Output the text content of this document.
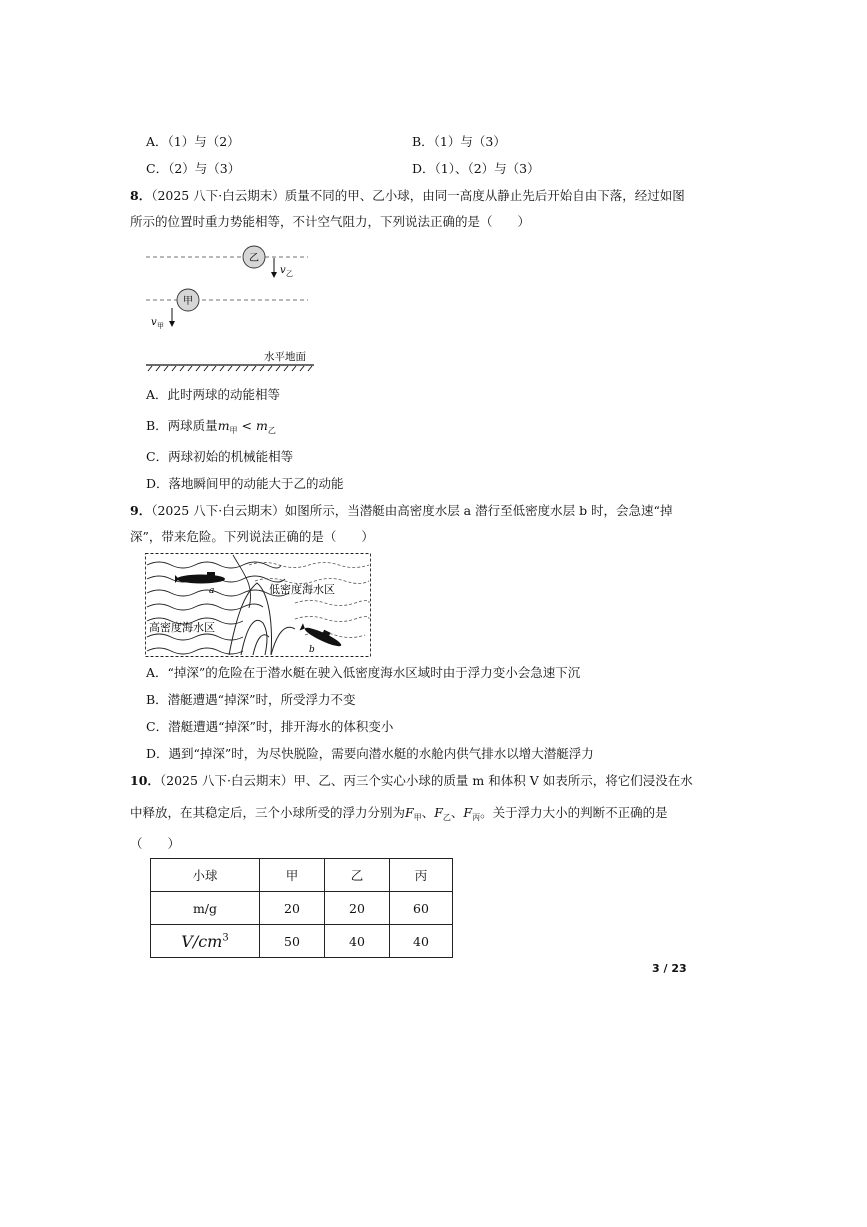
A．（1）与（2）	B．（1）与（3）
C．（2）与（3）	D．（1）、（2）与（3）
8．（2025 八下·白云期末）质量不同的甲、乙小球，由同一高度从静止先后开始自由下落，经过如图
所示的位置时重力势能相等，不计空气阻力，下列说法正确的是（　　）
乙
甲
v 乙
v 甲
水平地面
A．此时两球的动能相等
B．两球质量$m_甲 < m_乙$
C．两球初始的机械能相等
D．落地瞬间甲的动能大于乙的动能
9．（2025 八下·白云期末）如图所示，当潜艇由高密度水层 a 潜行至低密度水层 b 时，会急速“掉
深”，带来危险。下列说法正确的是（　　）
a
b
低密度海水区
高密度海水区
A．“掉深”的危险在于潜水艇在驶入低密度海水区域时由于浮力变小会急速下沉
B．潜艇遭遇“掉深”时，所受浮力不变
C．潜艇遭遇“掉深”时，排开海水的体积变小
D．遇到“掉深”时，为尽快脱险，需要向潜水艇的水舱内供气排水以增大潜艇浮力
10．（2025 八下·白云期末）甲、乙、丙三个实心小球的质量 m 和体积 V 如表所示，将它们浸没在水
中释放，在其稳定后，三个小球所受的浮力分别为$F_甲$、$F_乙$、$F_丙$。关于浮力大小的判断不正确的是
（　　）
小球	甲	乙	丙
m/g	20	20	60
$V/cm^3$	50	40	40
3 / 23
